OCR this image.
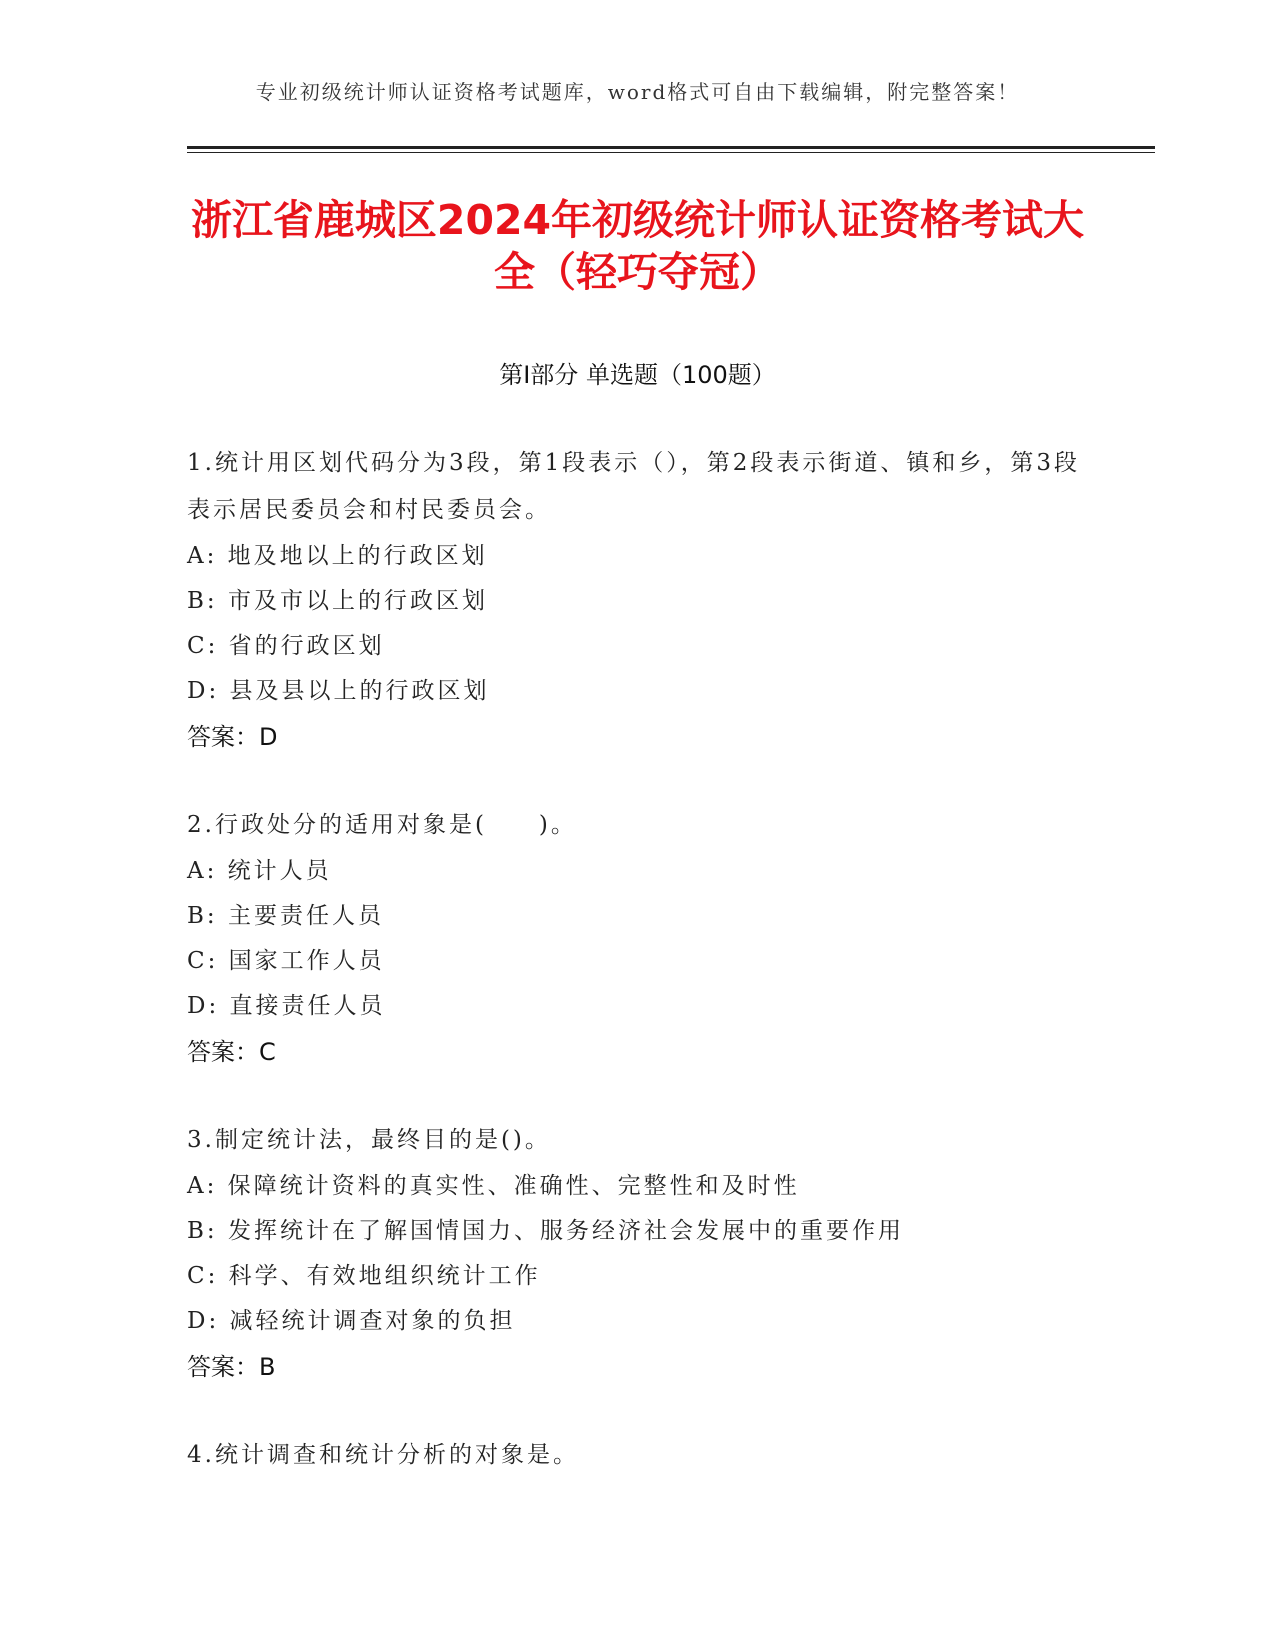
专业初级统计师认证资格考试题库，word格式可自由下载编辑，附完整答案！
浙江省鹿城区2024年初级统计师认证资格考试大全（轻巧夺冠）
第Ⅰ部分 单选题（100题）
1.统计用区划代码分为3段，第1段表示（），第2段表示街道、镇和乡，第3段表示居民委员会和村民委员会。
A: 地及地以上的行政区划
B: 市及市以上的行政区划
C: 省的行政区划
D: 县及县以上的行政区划
答案：D
2.行政处分的适用对象是(　　)。
A: 统计人员
B: 主要责任人员
C: 国家工作人员
D: 直接责任人员
答案：C
3.制定统计法，最终目的是()。
A: 保障统计资料的真实性、准确性、完整性和及时性
B: 发挥统计在了解国情国力、服务经济社会发展中的重要作用
C: 科学、有效地组织统计工作
D: 减轻统计调查对象的负担
答案：B
4.统计调查和统计分析的对象是。
